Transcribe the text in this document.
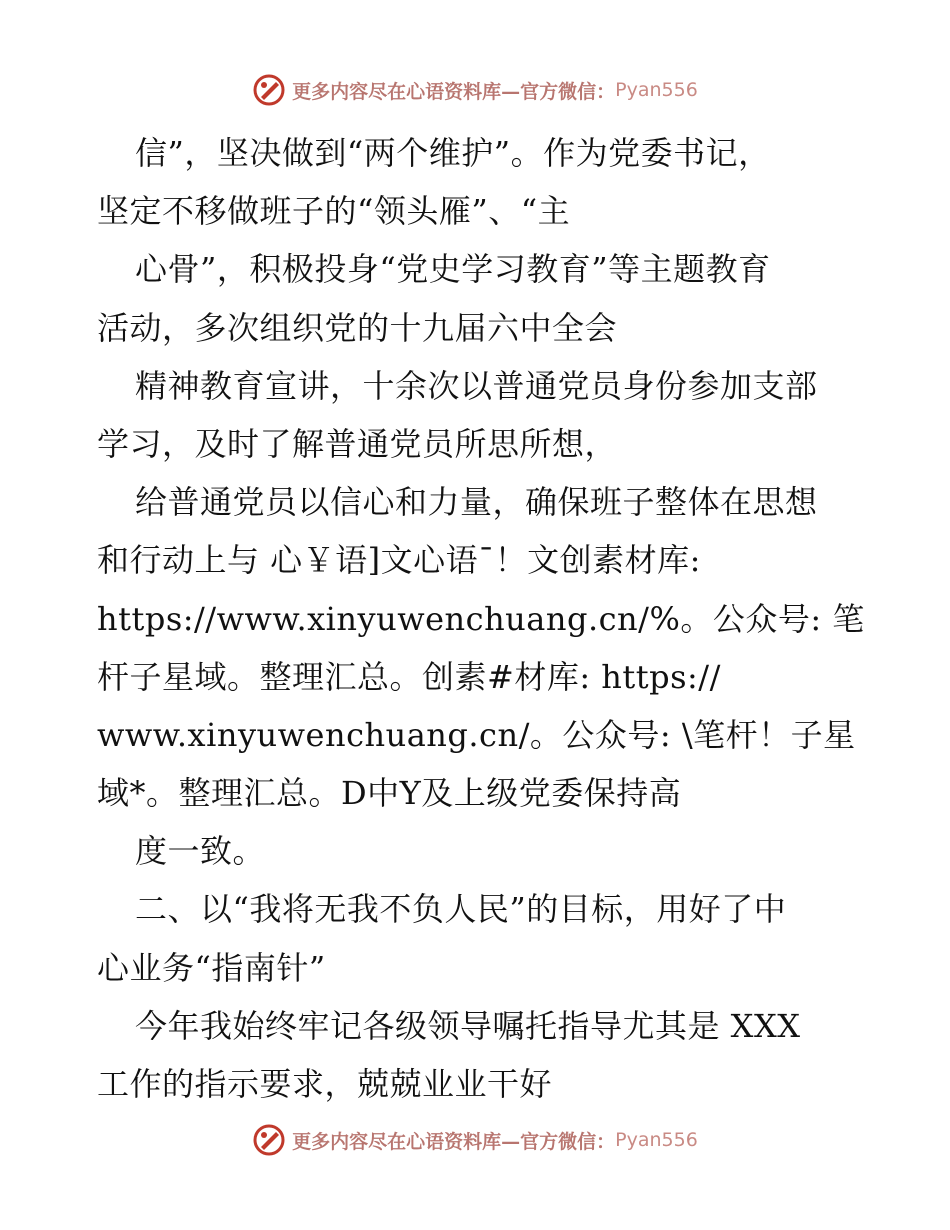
更多内容尽在心语资料库—官方微信： Pyan556
信”，坚决做到“两个维护”。作为党委书记，
坚定不移做班子的“领头雁”、“主
心骨”，积极投身“党史学习教育”等主题教育
活动，多次组织党的十九届六中全会
精神教育宣讲，十余次以普通党员身份参加支部
学习，及时了解普通党员所思所想，
给普通党员以信心和力量，确保班子整体在思想
和行动上与 心￥语]文心语¯！文创素材库:
https://www.xinyuwenchuang.cn/%。公众号: 笔
杆子星域。整理汇总。创素#材库: https://
www.xinyuwenchuang.cn/。公众号: \笔杆！子星
域*。整理汇总。D中Y及上级党委保持高
度一致。
二、以“我将无我不负人民”的目标，用好了中
心业务“指南针”
今年我始终牢记各级领导嘱托指导尤其是 XXX
工作的指示要求，兢兢业业干好
更多内容尽在心语资料库—官方微信： Pyan556
